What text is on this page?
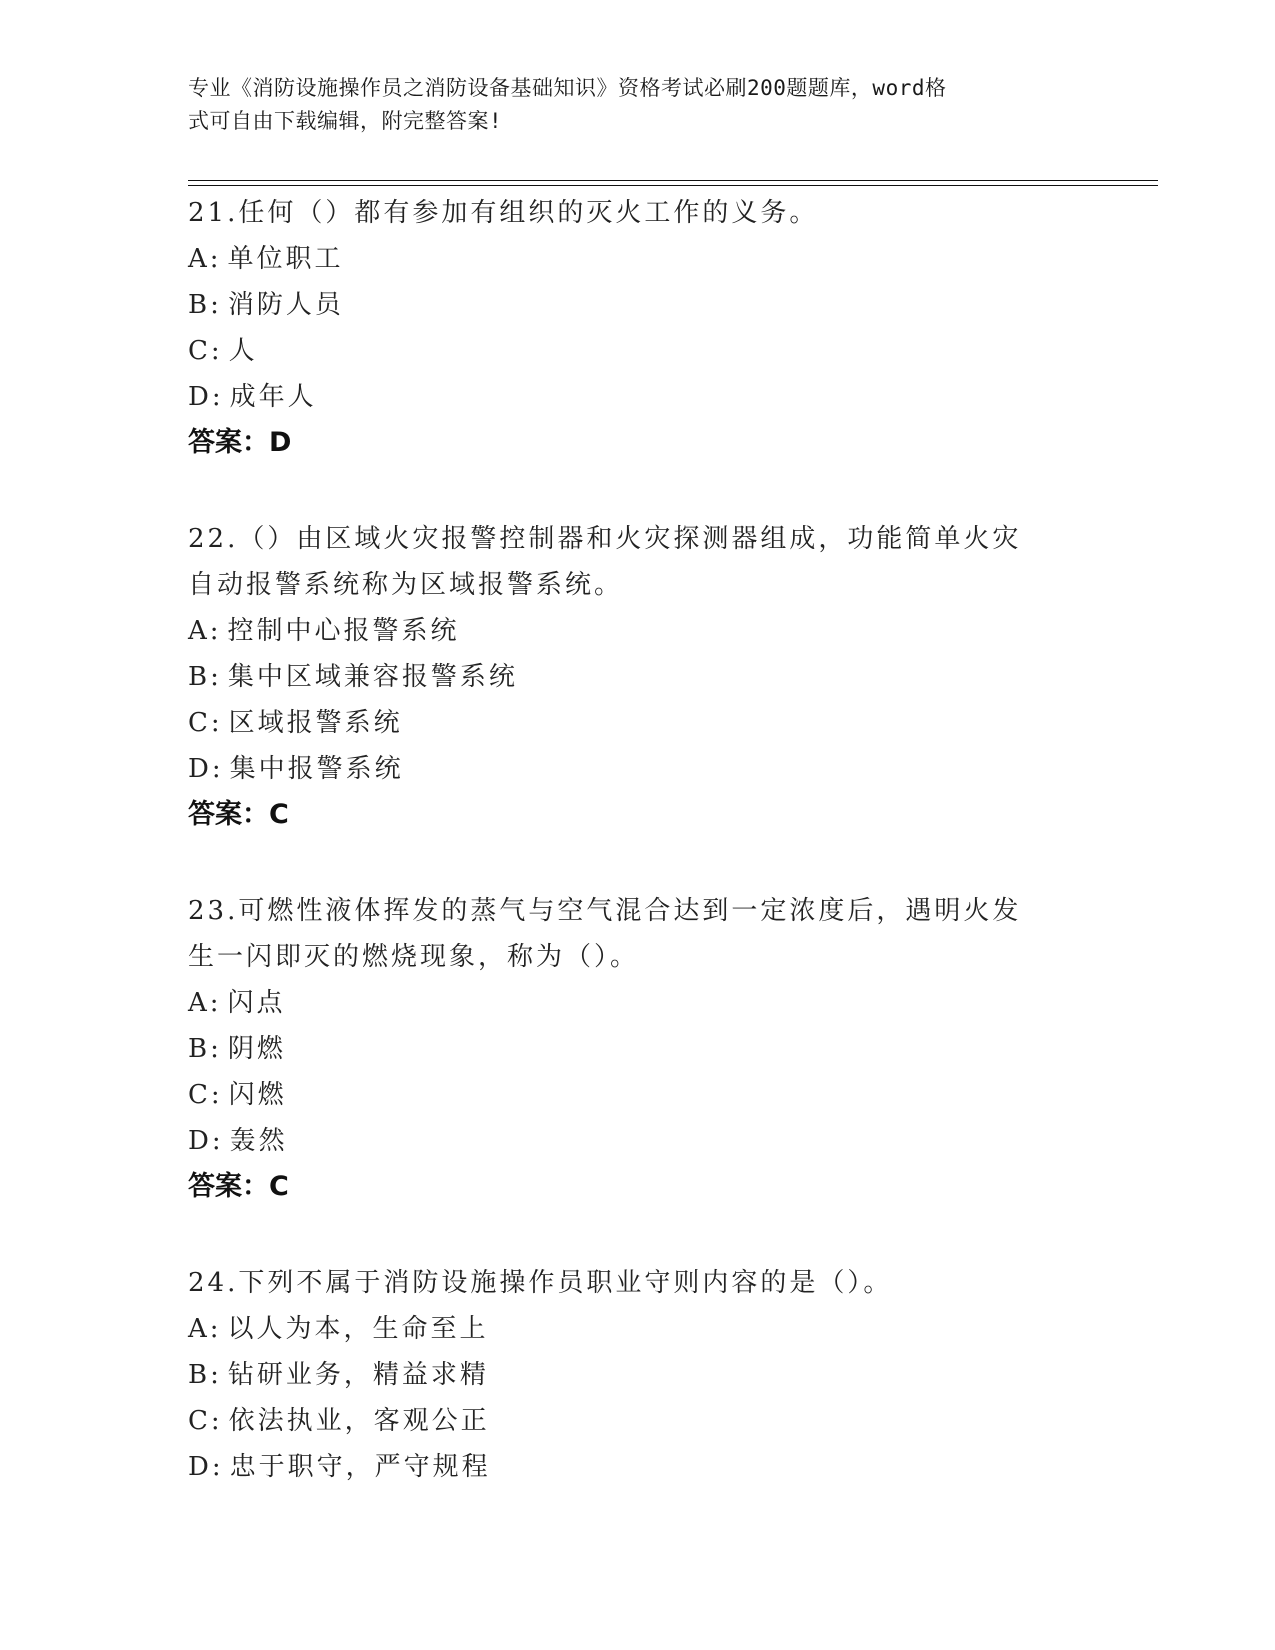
专业《消防设施操作员之消防设备基础知识》资格考试必刷200题题库，word格
式可自由下载编辑，附完整答案!

21.任何（）都有参加有组织的灭火工作的义务。

A: 单位职工
B: 消防人员
C: 人
D: 成年人

答案：D

22.（）由区域火灾报警控制器和火灾探测器组成，功能简单火灾自动报警系统称为区域报警系统。

A: 控制中心报警系统
B: 集中区域兼容报警系统
C: 区域报警系统
D: 集中报警系统

答案：C

23.可燃性液体挥发的蒸气与空气混合达到一定浓度后，遇明火发生一闪即灭的燃烧现象，称为（）。

A: 闪点
B: 阴燃
C: 闪燃
D: 轰然

答案：C

24.下列不属于消防设施操作员职业守则内容的是（）。

A: 以人为本，生命至上
B: 钻研业务，精益求精
C: 依法执业，客观公正
D: 忠于职守，严守规程
